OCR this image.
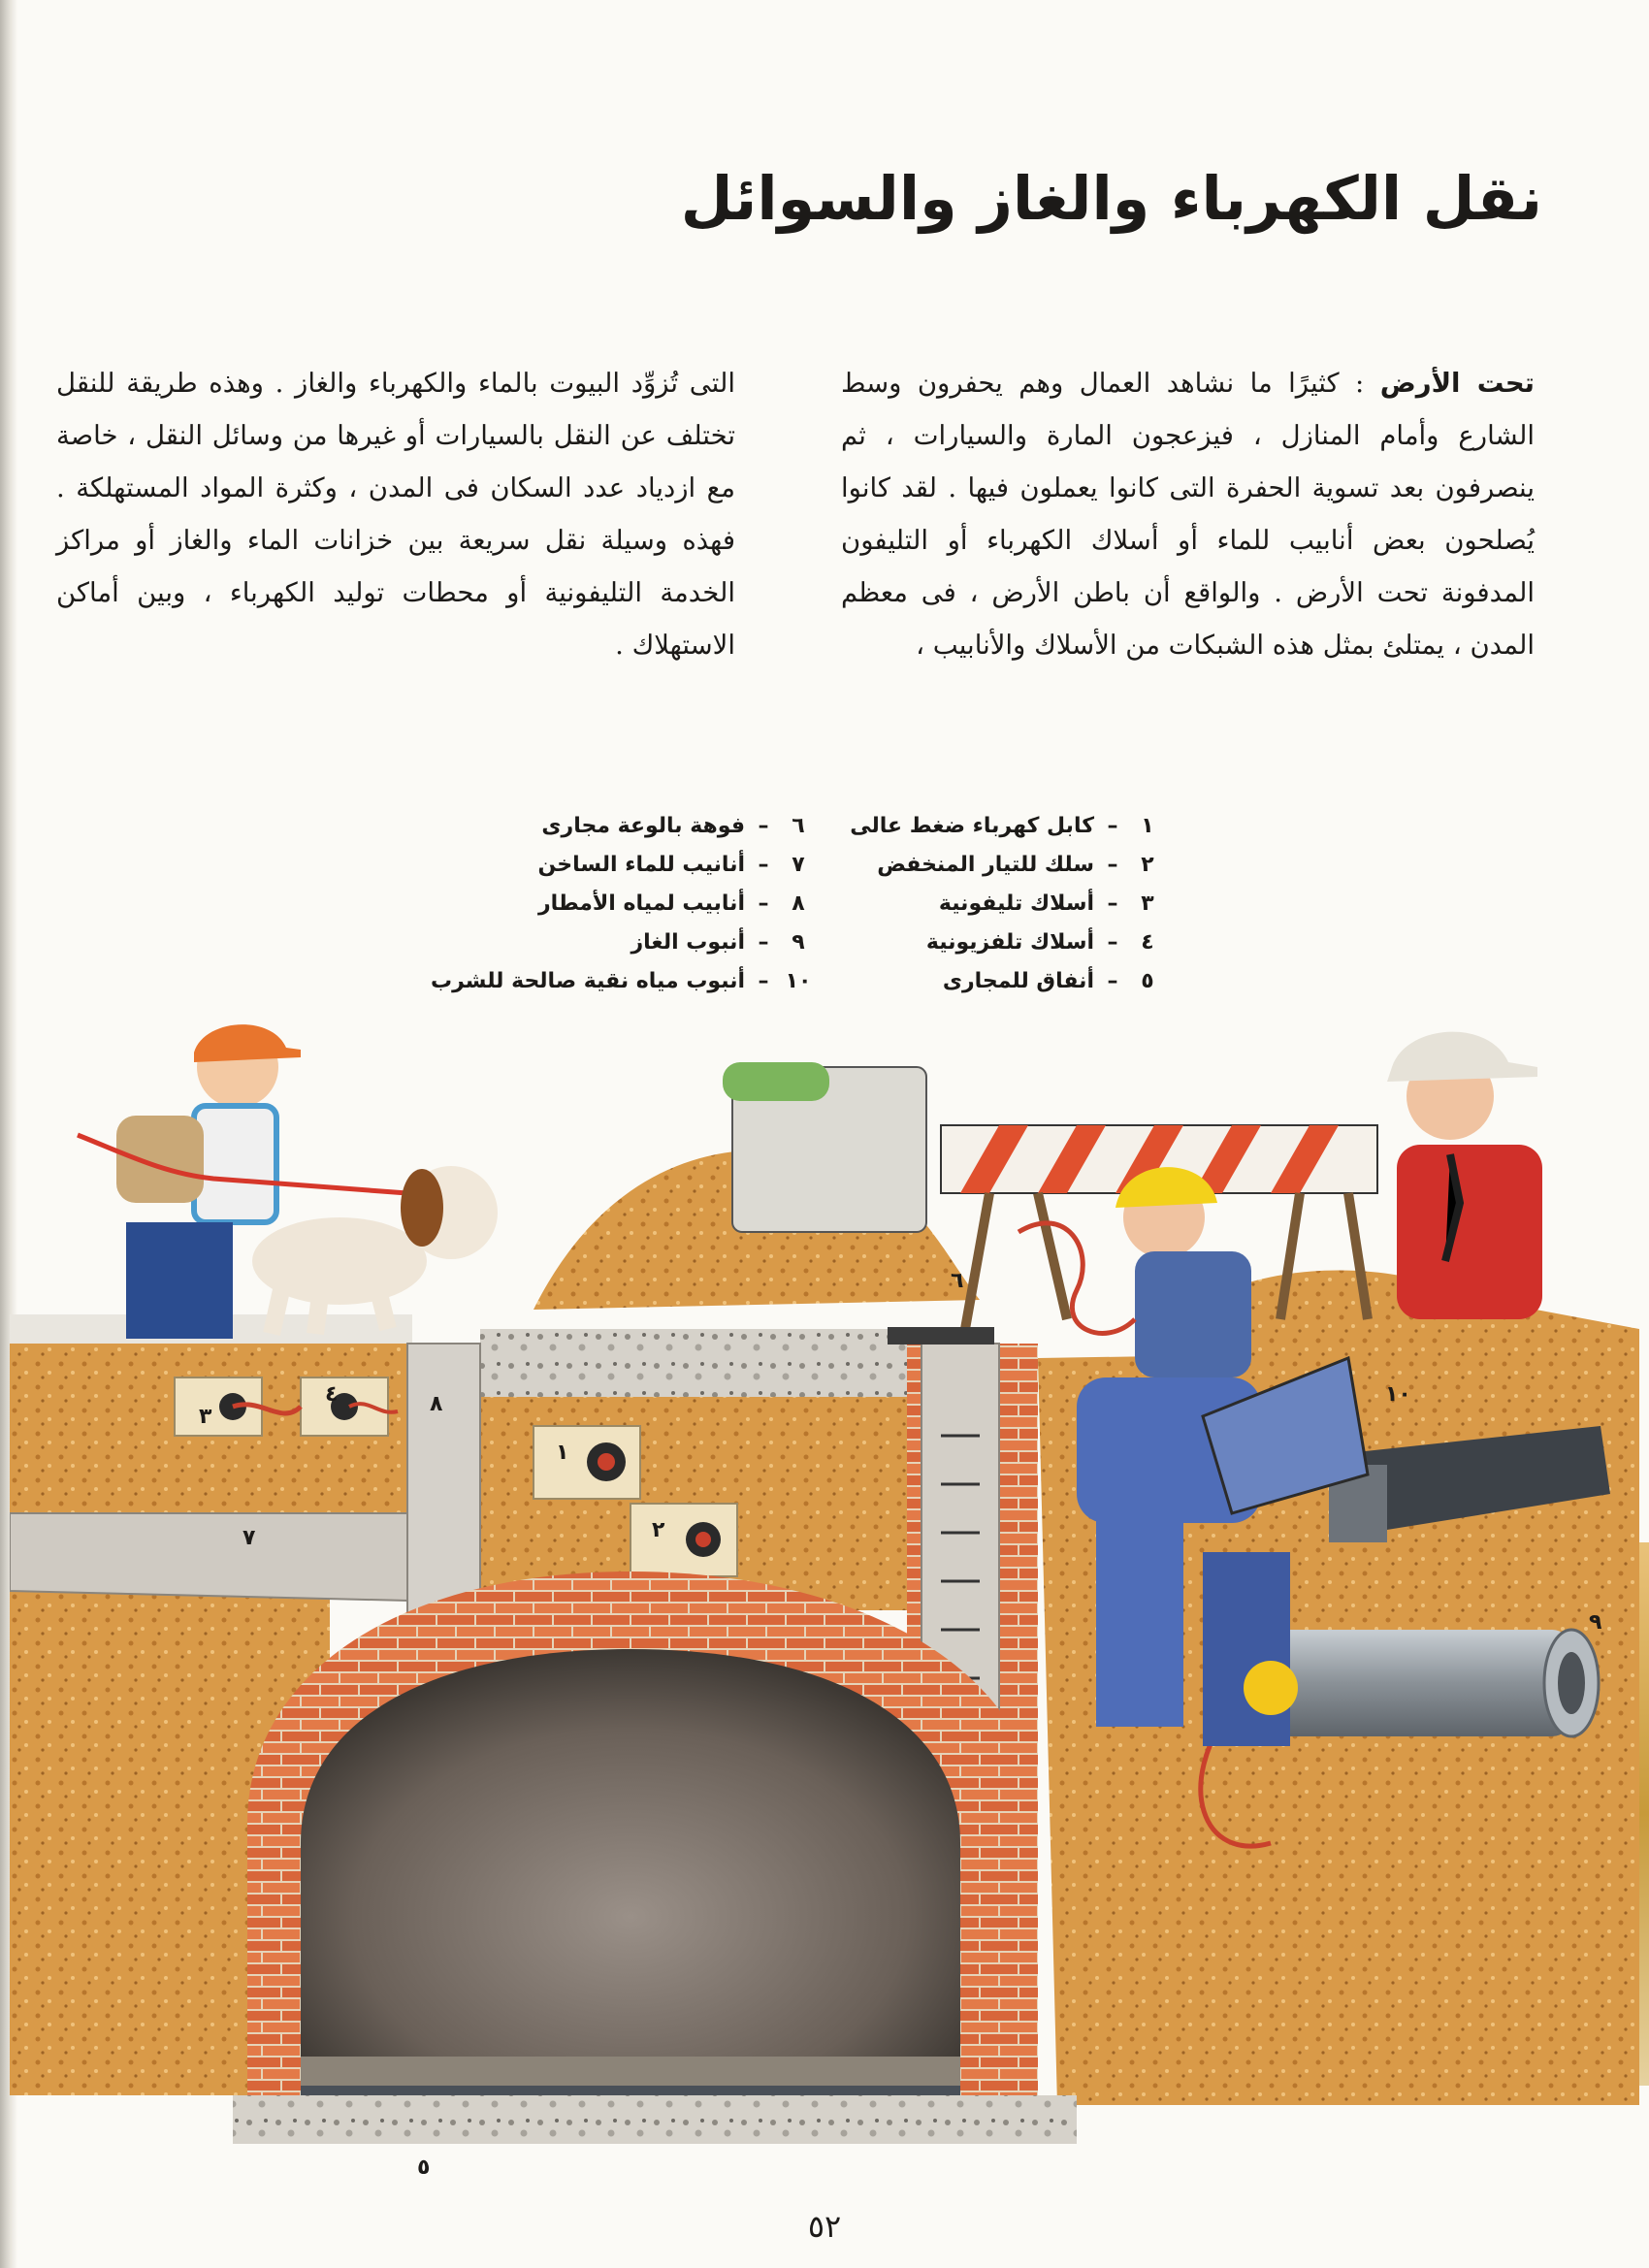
نقل الكهرباء والغاز والسوائل
تحت الأرض : كثيرًا ما نشاهد العمال وهم يحفرون وسط الشارع وأمام المنازل ، فيزعجون المارة والسيارات ، ثم ينصرفون بعد تسوية الحفرة التى كانوا يعملون فيها . لقد كانوا يُصلحون بعض أنابيب للماء أو أسلاك الكهرباء أو التليفون المدفونة تحت الأرض . والواقع أن باطن الأرض ، فى معظم المدن ، يمتلئ بمثل هذه الشبكات من الأسلاك والأنابيب ،
التى تُزوِّد البيوت بالماء والكهرباء والغاز . وهذه طريقة للنقل تختلف عن النقل بالسيارات أو غيرها من وسائل النقل ، خاصة مع ازدياد عدد السكان فى المدن ، وكثرة المواد المستهلكة . فهذه وسيلة نقل سريعة بين خزانات الماء والغاز أو مراكز الخدمة التليفونية أو محطات توليد الكهرباء ، وبين أماكن الاستهلاك .
١–كابل كهرباء ضغط عالى
٢–سلك للتيار المنخفض
٣–أسلاك تليفونية
٤–أسلاك تلفزيونية
٥–أنفاق للمجارى
٦–فوهة بالوعة مجارى
٧–أنانيب للماء الساخن
٨–أنابيب لمياه الأمطار
٩–أنبوب الغاز
١٠–أنبوب مياه نقية صالحة للشرب
١
٢
٣
٤
٥
٦
٧
٨
٩
١٠
٥٢
